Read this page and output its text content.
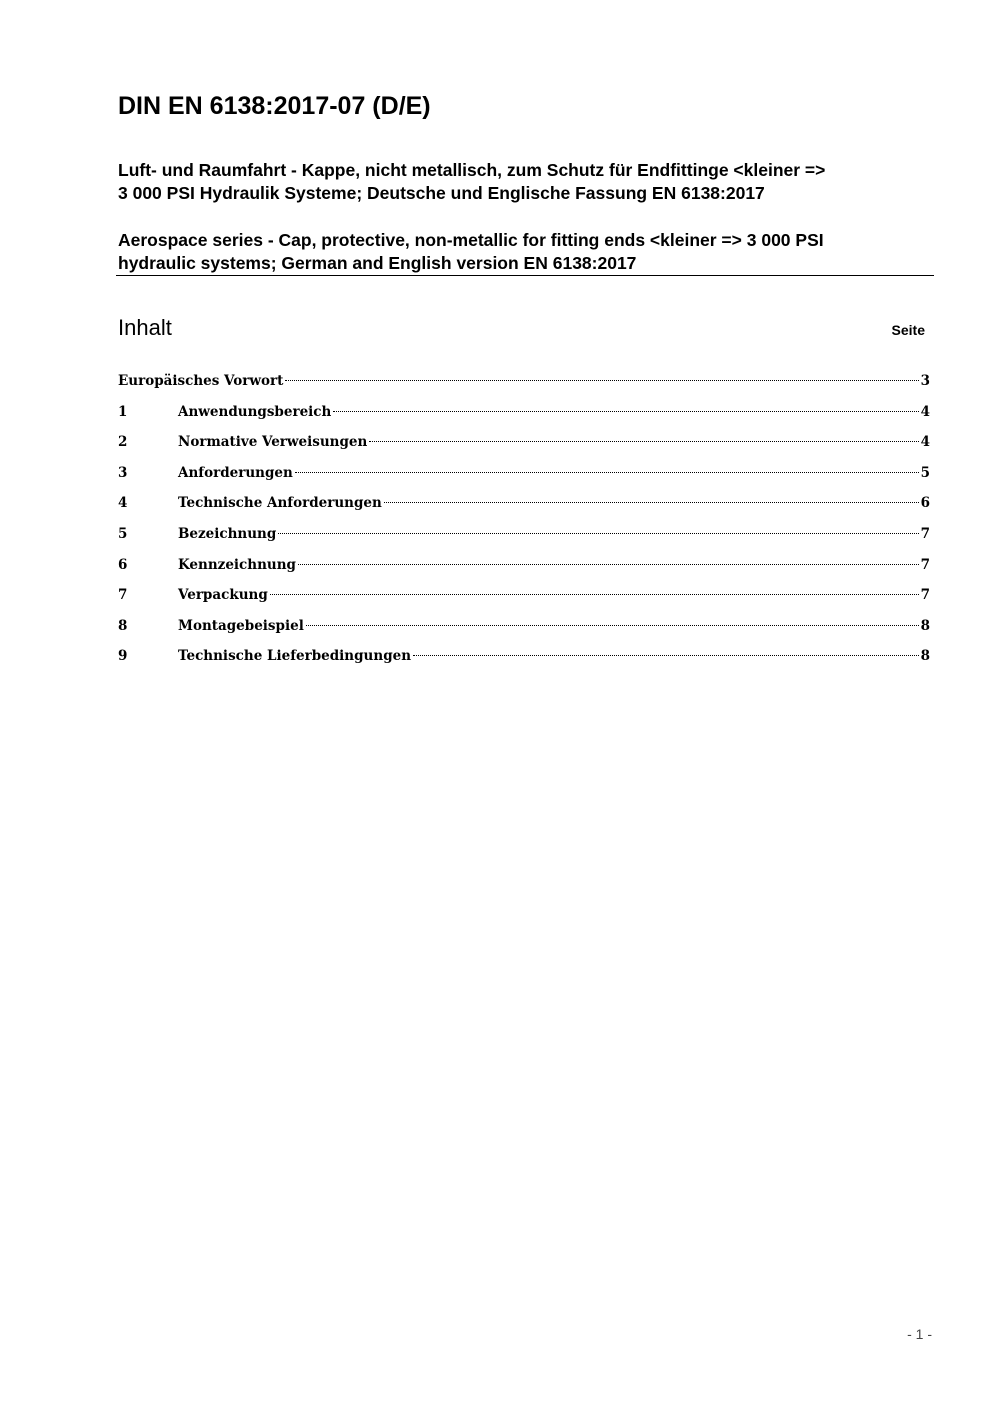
DIN EN 6138:2017-07 (D/E)
Luft- und Raumfahrt - Kappe, nicht metallisch, zum Schutz für Endfittinge <kleiner =>
3 000 PSI Hydraulik Systeme; Deutsche und Englische Fassung EN 6138:2017
Aerospace series - Cap, protective, non-metallic for fitting ends <kleiner => 3 000 PSI
hydraulic systems; German and English version EN 6138:2017
Inhalt	Seite
Europäisches Vorwort	3
1	Anwendungsbereich	4
2	Normative Verweisungen	4
3	Anforderungen	5
4	Technische Anforderungen	6
5	Bezeichnung	7
6	Kennzeichnung	7
7	Verpackung	7
8	Montagebeispiel	8
9	Technische Lieferbedingungen	8
- 1 -
